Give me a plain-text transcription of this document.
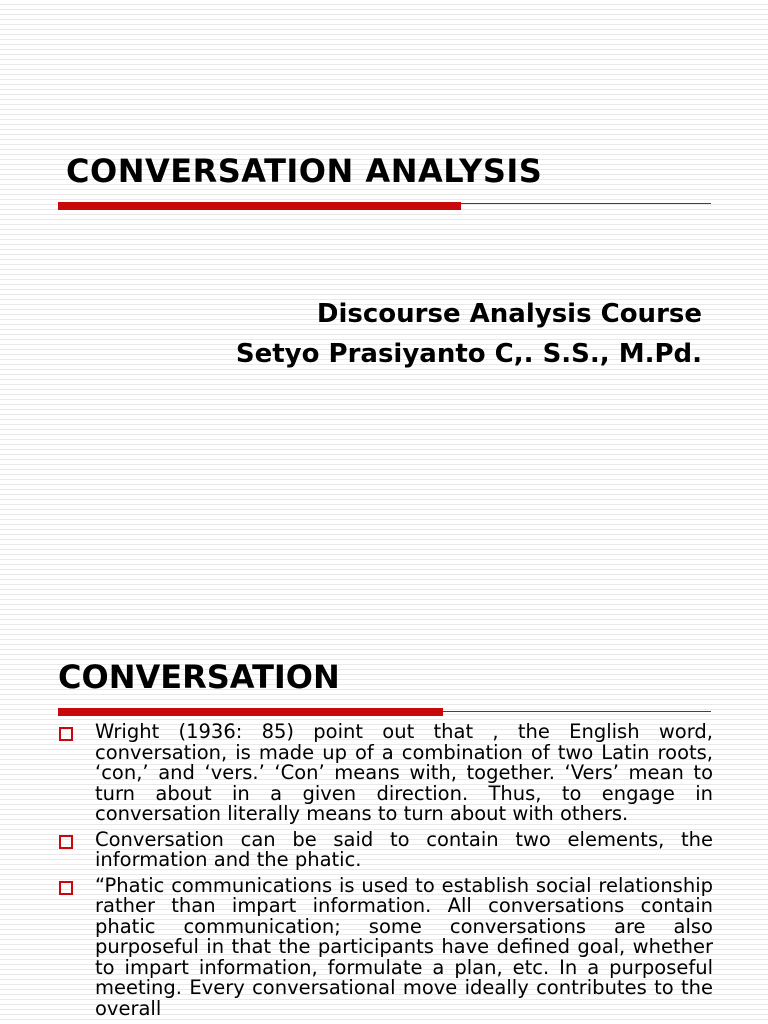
CONVERSATION ANALYSIS
Discourse Analysis Course
Setyo Prasiyanto C,. S.S., M.Pd.
CONVERSATION
Wright (1936: 85) point out that , the English word, conversation, is made up of a combination of two Latin roots, ‘con,’ and ‘vers.’ ‘Con’ means with, together. ‘Vers’ mean to turn about in a given direction. Thus, to engage in conversation literally means to turn about with others.
Conversation can be said to contain two elements, the information and the phatic.
“Phatic communications is used to establish social relationship rather than impart information. All conversations contain phatic communication; some conversations are also purposeful in that the participants have defined goal, whether to impart information, formulate a plan, etc. In a purposeful meeting. Every conversational move ideally contributes to the overall
